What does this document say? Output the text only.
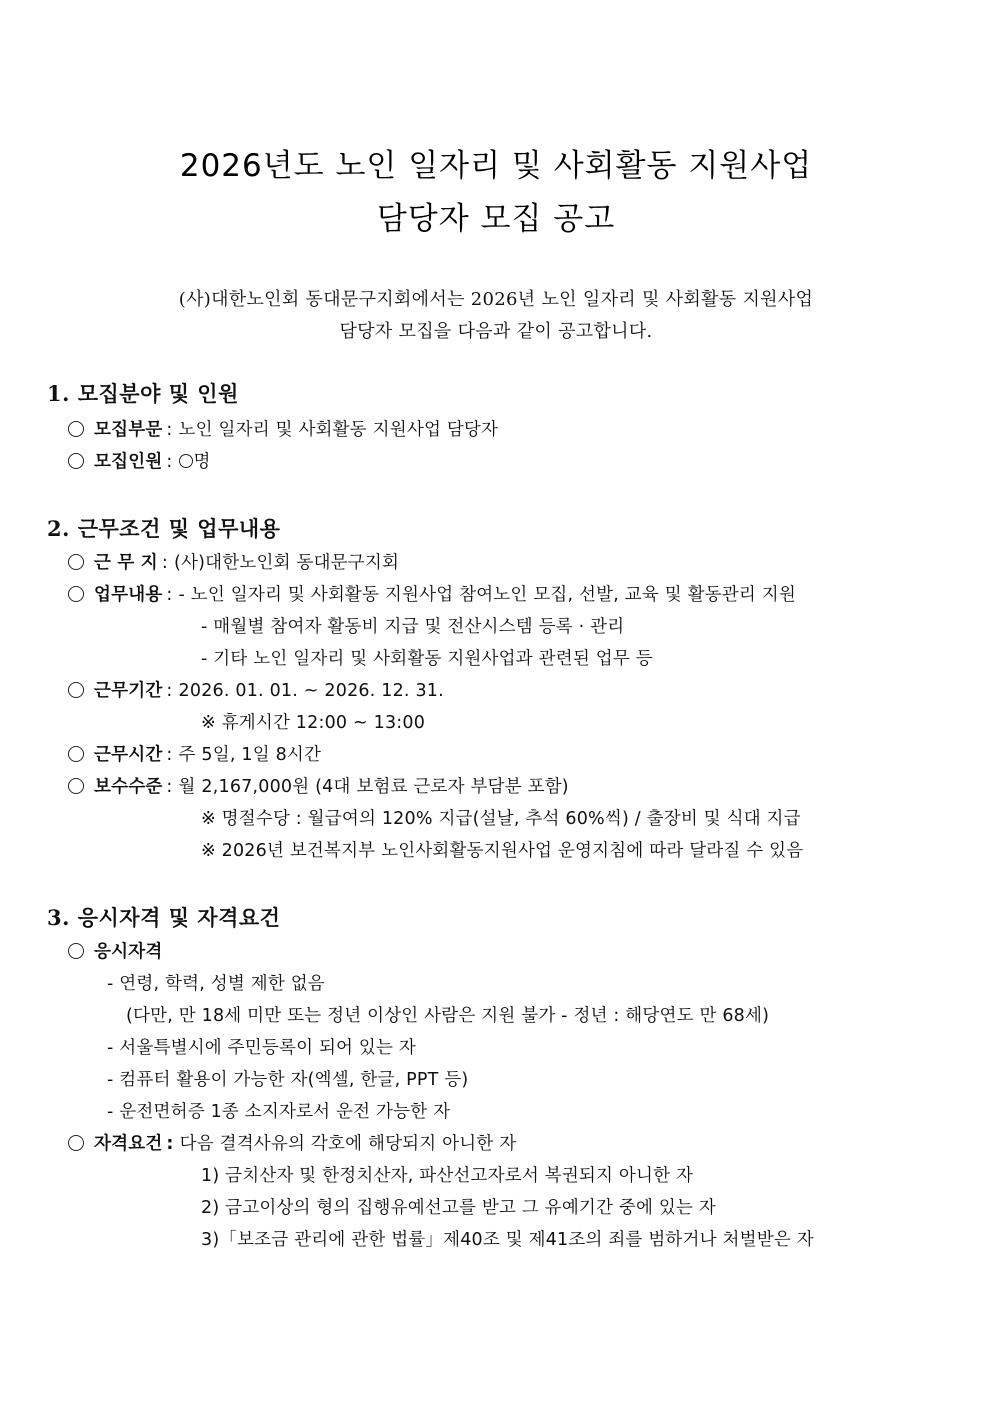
2026년도 노인 일자리 및 사회활동 지원사업
담당자 모집 공고
(사)대한노인회 동대문구지회에서는 2026년 노인 일자리 및 사회활동 지원사업
담당자 모집을 다음과 같이 공고합니다.
1. 모집분야 및 인원
모집부문 : 노인 일자리 및 사회활동 지원사업 담당자
모집인원 : 명
2. 근무조건 및 업무내용
근 무 지 : (사)대한노인회 동대문구지회
업무내용 : - 노인 일자리 및 사회활동 지원사업 참여노인 모집, 선발, 교육 및 활동관리 지원
- 매월별 참여자 활동비 지급 및 전산시스템 등록 · 관리
- 기타 노인 일자리 및 사회활동 지원사업과 관련된 업무 등
근무기간 : 2026. 01. 01. ~ 2026. 12. 31.
※ 휴게시간 12:00 ~ 13:00
근무시간 : 주 5일, 1일 8시간
보수수준 : 월 2,167,000원 (4대 보험료 근로자 부담분 포함)
※ 명절수당 : 월급여의 120% 지급(설날, 추석 60%씩) / 출장비 및 식대 지급
※ 2026년 보건복지부 노인사회활동지원사업 운영지침에 따라 달라질 수 있음
3. 응시자격 및 자격요건
응시자격
- 연령, 학력, 성별 제한 없음
(다만, 만 18세 미만 또는 정년 이상인 사람은 지원 불가 - 정년 : 해당연도 만 68세)
- 서울특별시에 주민등록이 되어 있는 자
- 컴퓨터 활용이 가능한 자(엑셀, 한글, PPT 등)
- 운전면허증 1종 소지자로서 운전 가능한 자
자격요건 : 다음 결격사유의 각호에 해당되지 아니한 자
1) 금치산자 및 한정치산자, 파산선고자로서 복권되지 아니한 자
2) 금고이상의 형의 집행유예선고를 받고 그 유예기간 중에 있는 자
3)「보조금 관리에 관한 법률」제40조 및 제41조의 죄를 범하거나 처벌받은 자
